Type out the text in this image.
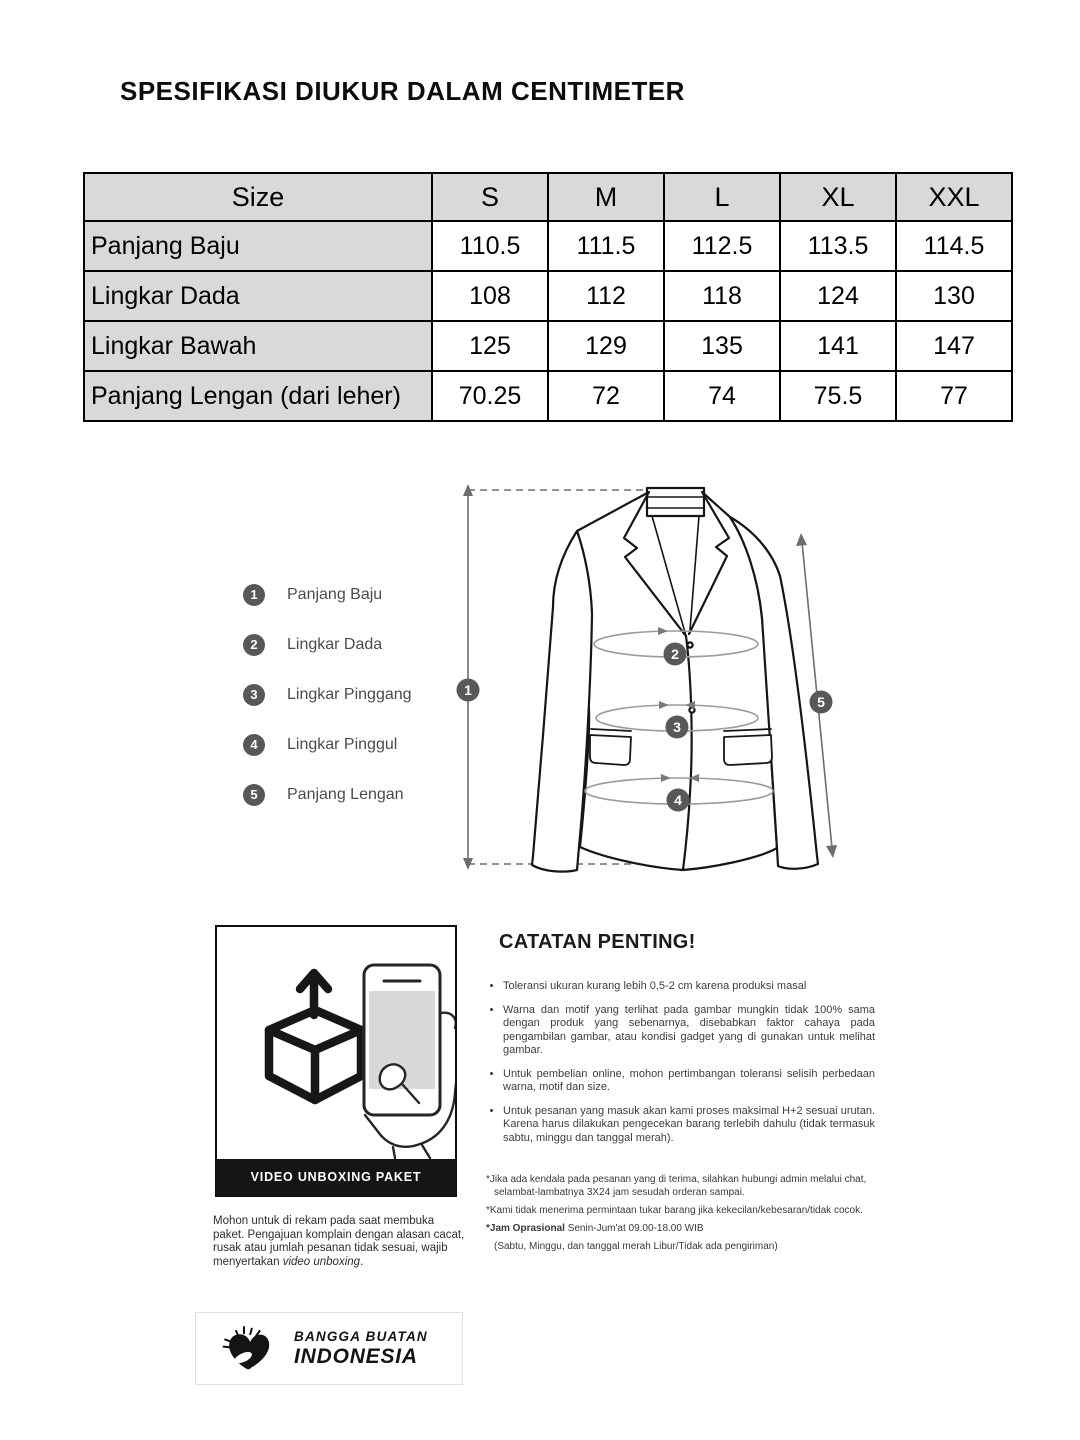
SPESIFIKASI DIUKUR DALAM CENTIMETER
Size	S	M	L	XL	XXL
Panjang Baju	110.5	111.5	112.5	113.5	114.5
Lingkar Dada	108	112	118	124	130
Lingkar Bawah	125	129	135	141	147
Panjang Lengan (dari leher)	70.25	72	74	75.5	77
1	Panjang Baju
2	Lingkar Dada
3	Lingkar Pinggang
4	Lingkar Pinggul
5	Panjang Lengan
1
2
3
4
5
VIDEO UNBOXING PAKET
Mohon untuk di rekam pada saat membuka paket. Pengajuan komplain dengan alasan cacat, rusak atau jumlah pesanan tidak sesuai, wajib menyertakan video unboxing.
CATATAN PENTING!
• Toleransi ukuran kurang lebih 0,5-2 cm karena produksi masal
• Warna dan motif yang terlihat pada gambar mungkin tidak 100% sama dengan produk yang sebenarnya, disebabkan faktor cahaya pada pengambilan gambar, atau kondisi gadget yang di gunakan untuk melihat gambar.
• Untuk pembelian online, mohon pertimbangan toleransi selisih perbedaan warna, motif dan size.
• Untuk pesanan yang masuk akan kami proses maksimal H+2 sesuai urutan. Karena harus dilakukan pengecekan barang terlebih dahulu (tidak termasuk sabtu, minggu dan tanggal merah).
*Jika ada kendala pada pesanan yang di terima, silahkan hubungi admin melalui chat, selambat-lambatnya 3X24 jam sesudah orderan sampai.
*Kami tidak menerima permintaan tukar barang jika kekecilan/kebesaran/tidak cocok.
*Jam Oprasional Senin-Jum'at 09.00-18.00 WIB
(Sabtu, Minggu, dan tanggal merah Libur/Tidak ada pengiriman)
BANGGA BUATAN
INDONESIA
